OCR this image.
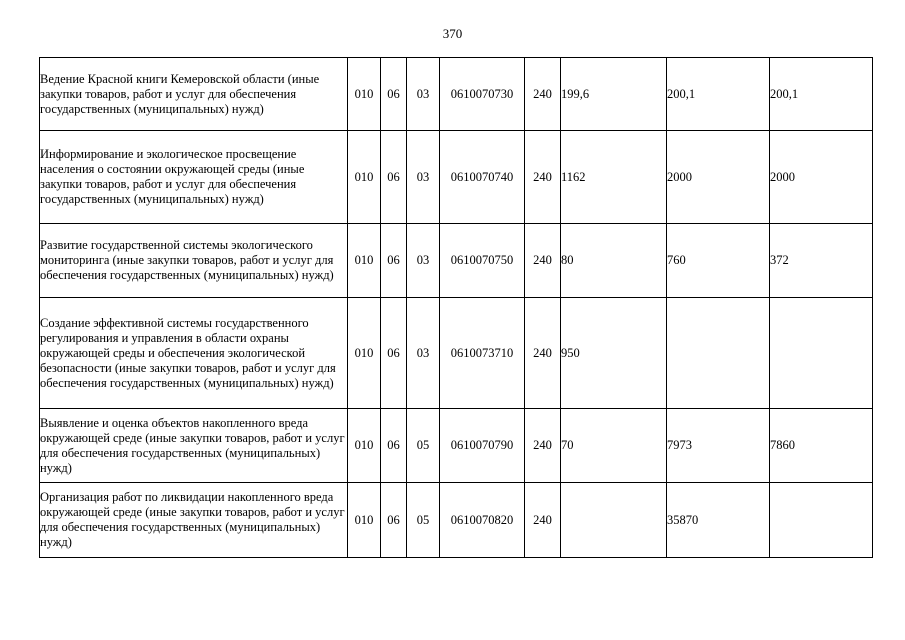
370
Ведение Красной книги Кемеровской области (иные закупки товаров, работ и услуг для обеспечения государственных (муниципальных) нужд)	010	06	03	0610070730	240	199,6	200,1	200,1
Информирование и экологическое просвещение населения о состоянии окружающей среды (иные закупки товаров, работ и услуг для обеспечения государственных (муниципальных) нужд)	010	06	03	0610070740	240	1162	2000	2000
Развитие государственной системы экологического мониторинга (иные закупки товаров, работ и услуг для обеспечения государственных (муниципальных) нужд)	010	06	03	0610070750	240	80	760	372
Создание эффективной системы государственного регулирования и управления в области охраны окружающей среды и обеспечения экологической безопасности (иные закупки товаров, работ и услуг для обеспечения государственных (муниципальных) нужд)	010	06	03	0610073710	240	950		
Выявление и оценка объектов накопленного вреда окружающей среде (иные закупки товаров, работ и услуг для обеспечения государственных (муниципальных) нужд)	010	06	05	0610070790	240	70	7973	7860
Организация работ по ликвидации накопленного вреда окружающей среде (иные закупки товаров, работ и услуг для обеспечения государственных (муниципальных) нужд)	010	06	05	0610070820	240		35870	
